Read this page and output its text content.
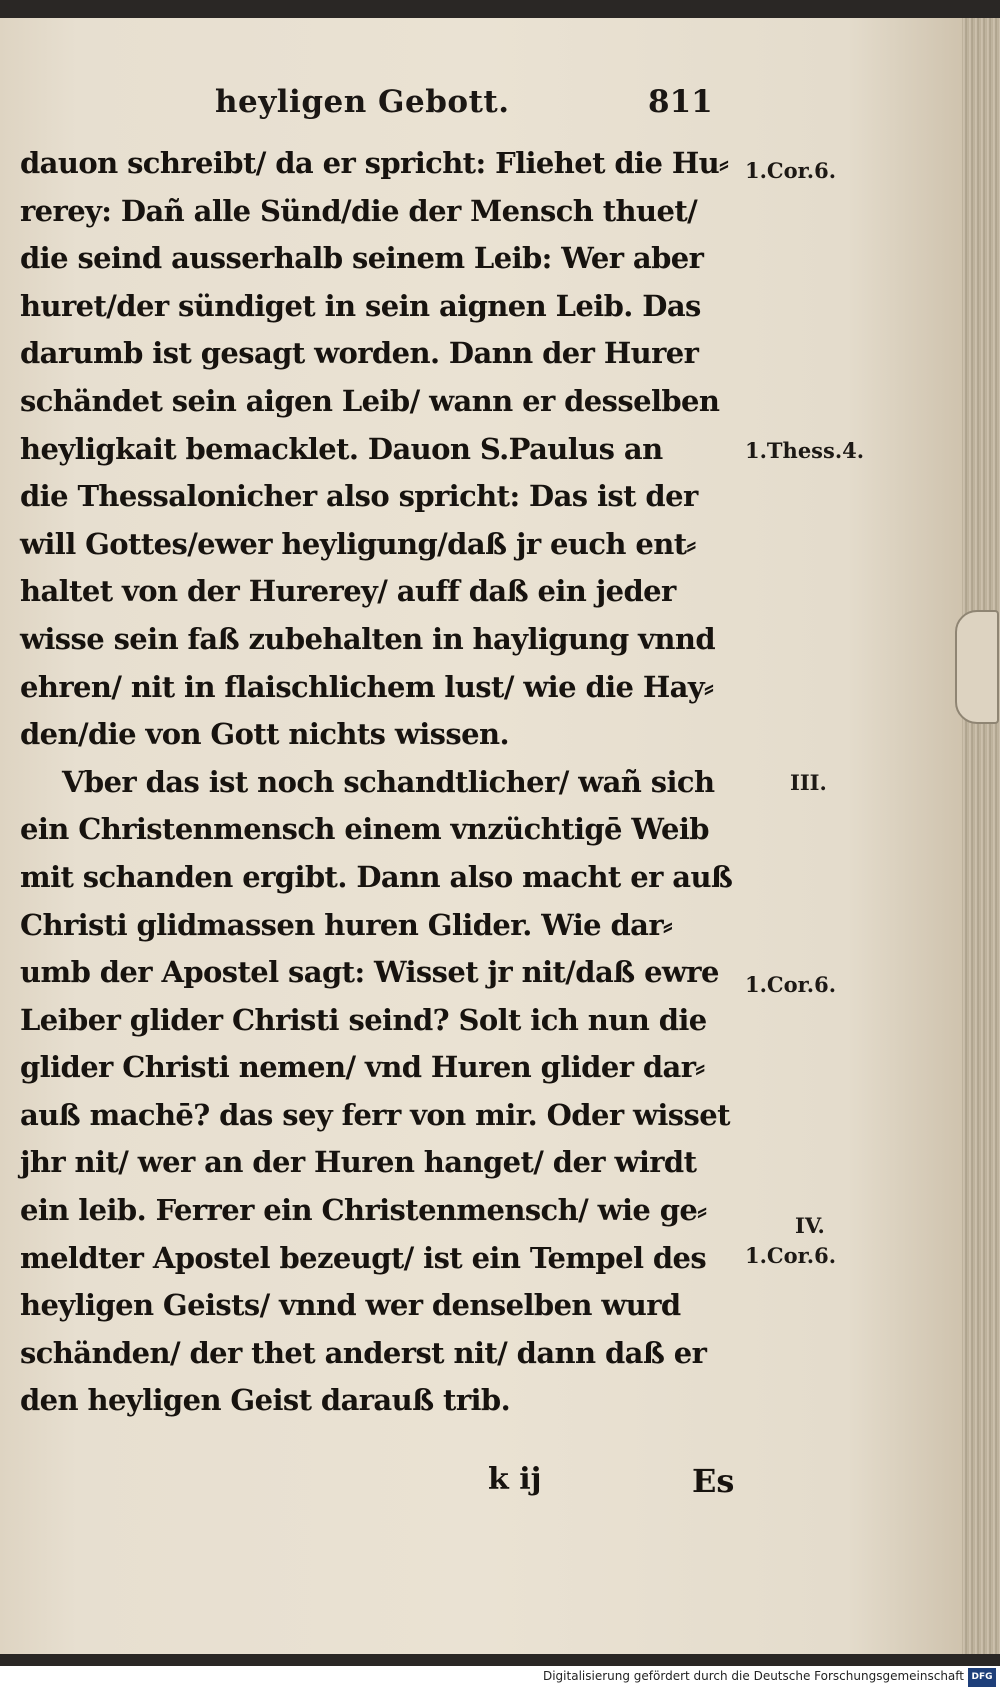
heyligen Gebott.	811
dauon schreibt/ da er spricht: Fliehet die Hu⸗
rerey: Dañ alle Sünd/die der Mensch thuet/
die seind ausserhalb seinem Leib: Wer aber
huret/der sündiget in sein aignen Leib. Das
darumb ist gesagt worden. Dann der Hurer
schändet sein aigen Leib/ wann er desselben
heyligkait bemacklet. Dauon S.Paulus an
die Thessalonicher also spricht: Das ist der
will Gottes/ewer heyligung/daß jr euch ent⸗
haltet von der Hurerey/ auff daß ein jeder
wisse sein faß zubehalten in hayligung vnnd
ehren/ nit in flaischlichem lust/ wie die Hay⸗
den/die von Gott nichts wissen.
Vber das ist noch schandtlicher/ wañ sich
ein Christenmensch einem vnzüchtigē Weib
mit schanden ergibt. Dann also macht er auß
Christi glidmassen huren Glider. Wie dar⸗
umb der Apostel sagt: Wisset jr nit/daß ewre
Leiber glider Christi seind? Solt ich nun die
glider Christi nemen/ vnd Huren glider dar⸗
auß machē? das sey ferr von mir. Oder wisset
jhr nit/ wer an der Huren hanget/ der wirdt
ein leib. Ferrer ein Christenmensch/ wie ge⸗
meldter Apostel bezeugt/ ist ein Tempel des
heyligen Geists/ vnnd wer denselben wurd
schänden/ der thet anderst nit/ dann daß er
den heyligen Geist darauß trib.
1.Cor.6.
1.Thess.4.
III.
1.Cor.6.
IV.
1.Cor.6.
k ij	Es
Digitalisierung gefördert durch die Deutsche Forschungsgemeinschaft DFG
